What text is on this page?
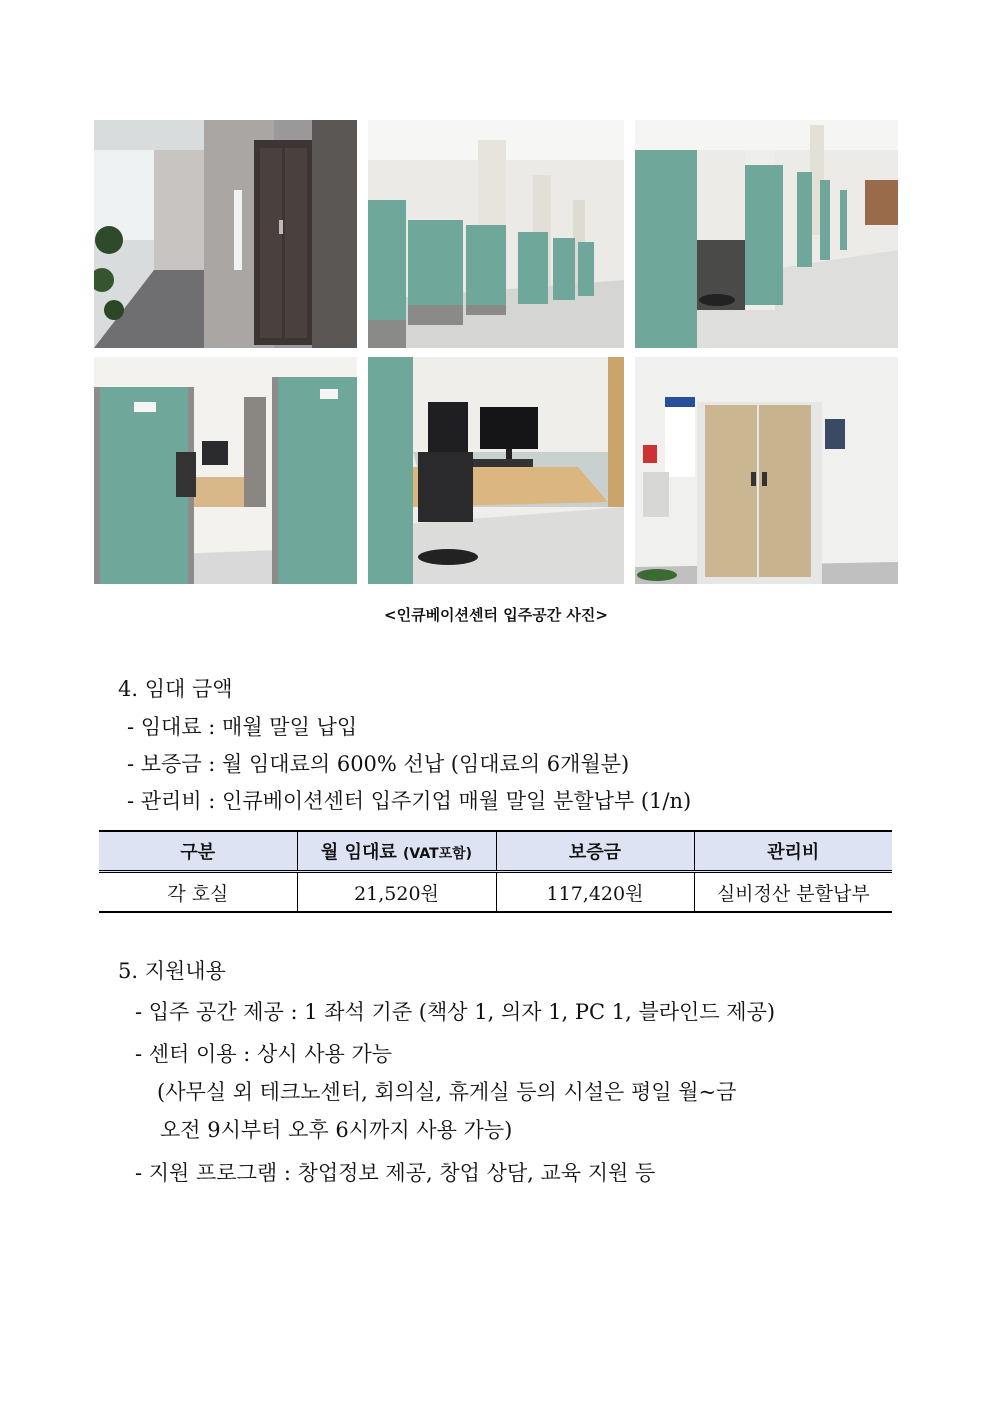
<인큐베이션센터 입주공간 사진>
4. 임대 금액
- 임대료 : 매월 말일 납입
- 보증금 : 월 임대료의 600% 선납 (임대료의 6개월분)
- 관리비 : 인큐베이션센터 입주기업 매월 말일 분할납부 (1/n)
구분	월 임대료 (VAT포함)	보증금	관리비
각 호실	21,520원	117,420원	실비정산 분할납부
5. 지원내용
- 입주 공간 제공 : 1 좌석 기준 (책상 1, 의자 1, PC 1, 블라인드 제공)
- 센터 이용 : 상시 사용 가능
(사무실 외 테크노센터, 회의실, 휴게실 등의 시설은 평일 월~금
오전 9시부터 오후 6시까지 사용 가능)
- 지원 프로그램 : 창업정보 제공, 창업 상담, 교육 지원 등
